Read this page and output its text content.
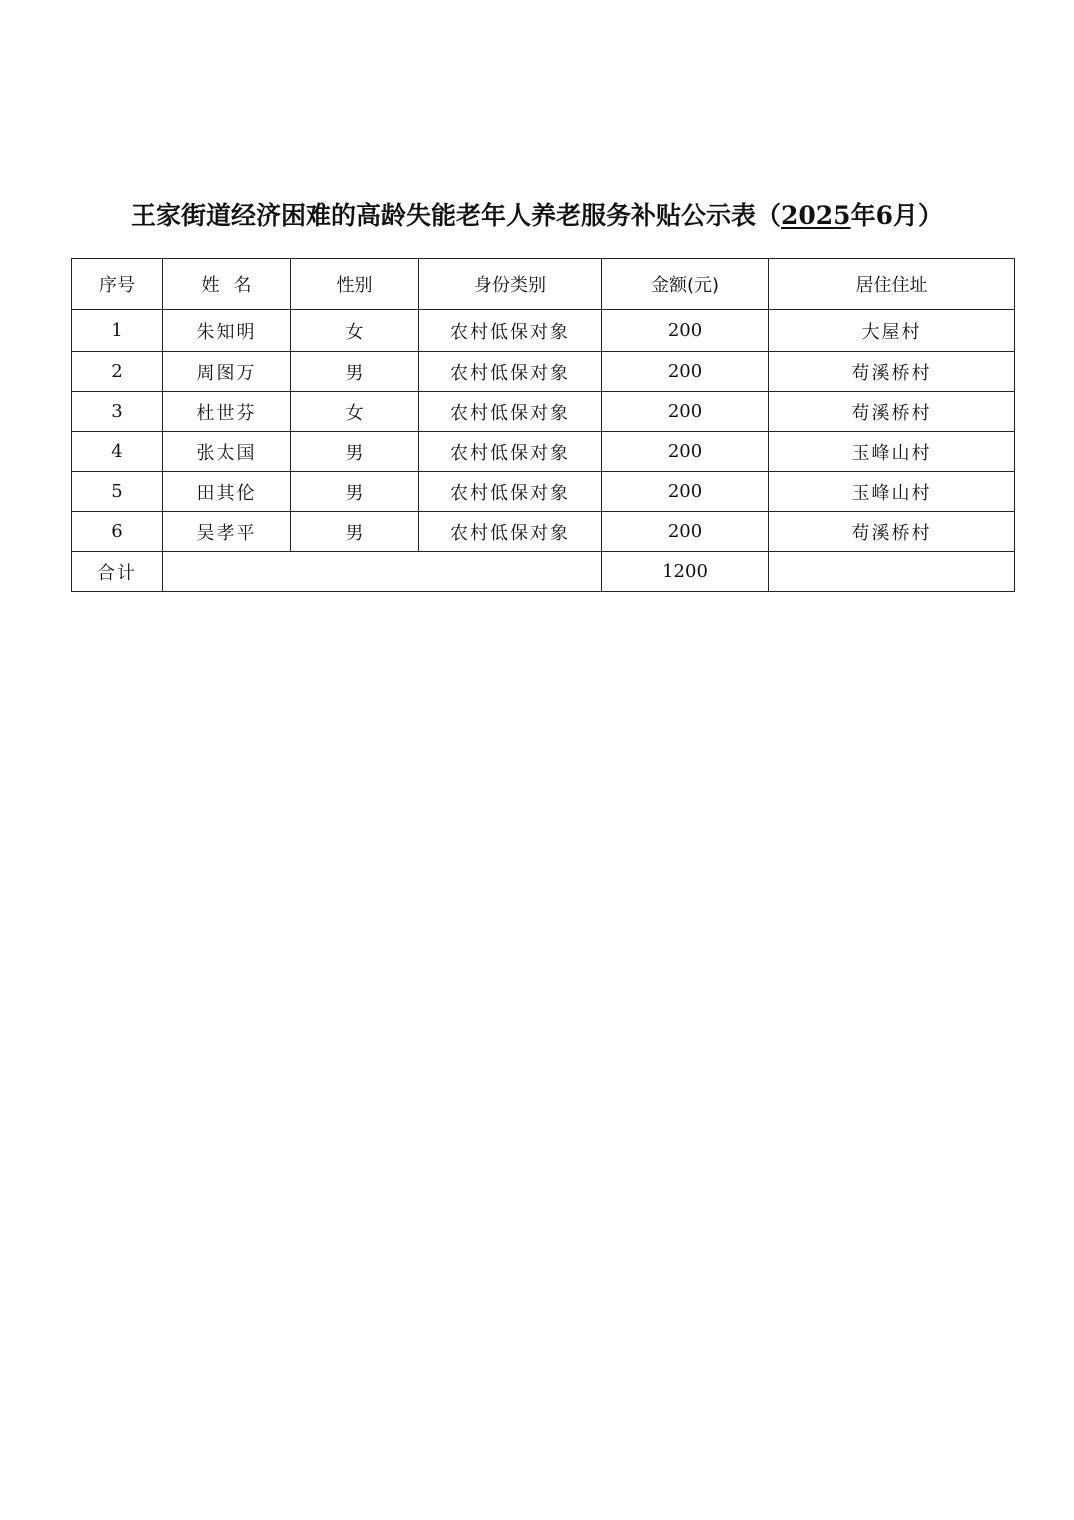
王家街道经济困难的高龄失能老年人养老服务补贴公示表（2025年6月）
序号	姓名	性别	身份类别	金额(元)	居住住址
1	朱知明	女	农村低保对象	200	大屋村
2	周图万	男	农村低保对象	200	苟溪桥村
3	杜世芬	女	农村低保对象	200	苟溪桥村
4	张太国	男	农村低保对象	200	玉峰山村
5	田其伦	男	农村低保对象	200	玉峰山村
6	吴孝平	男	农村低保对象	200	苟溪桥村
合计				1200	
